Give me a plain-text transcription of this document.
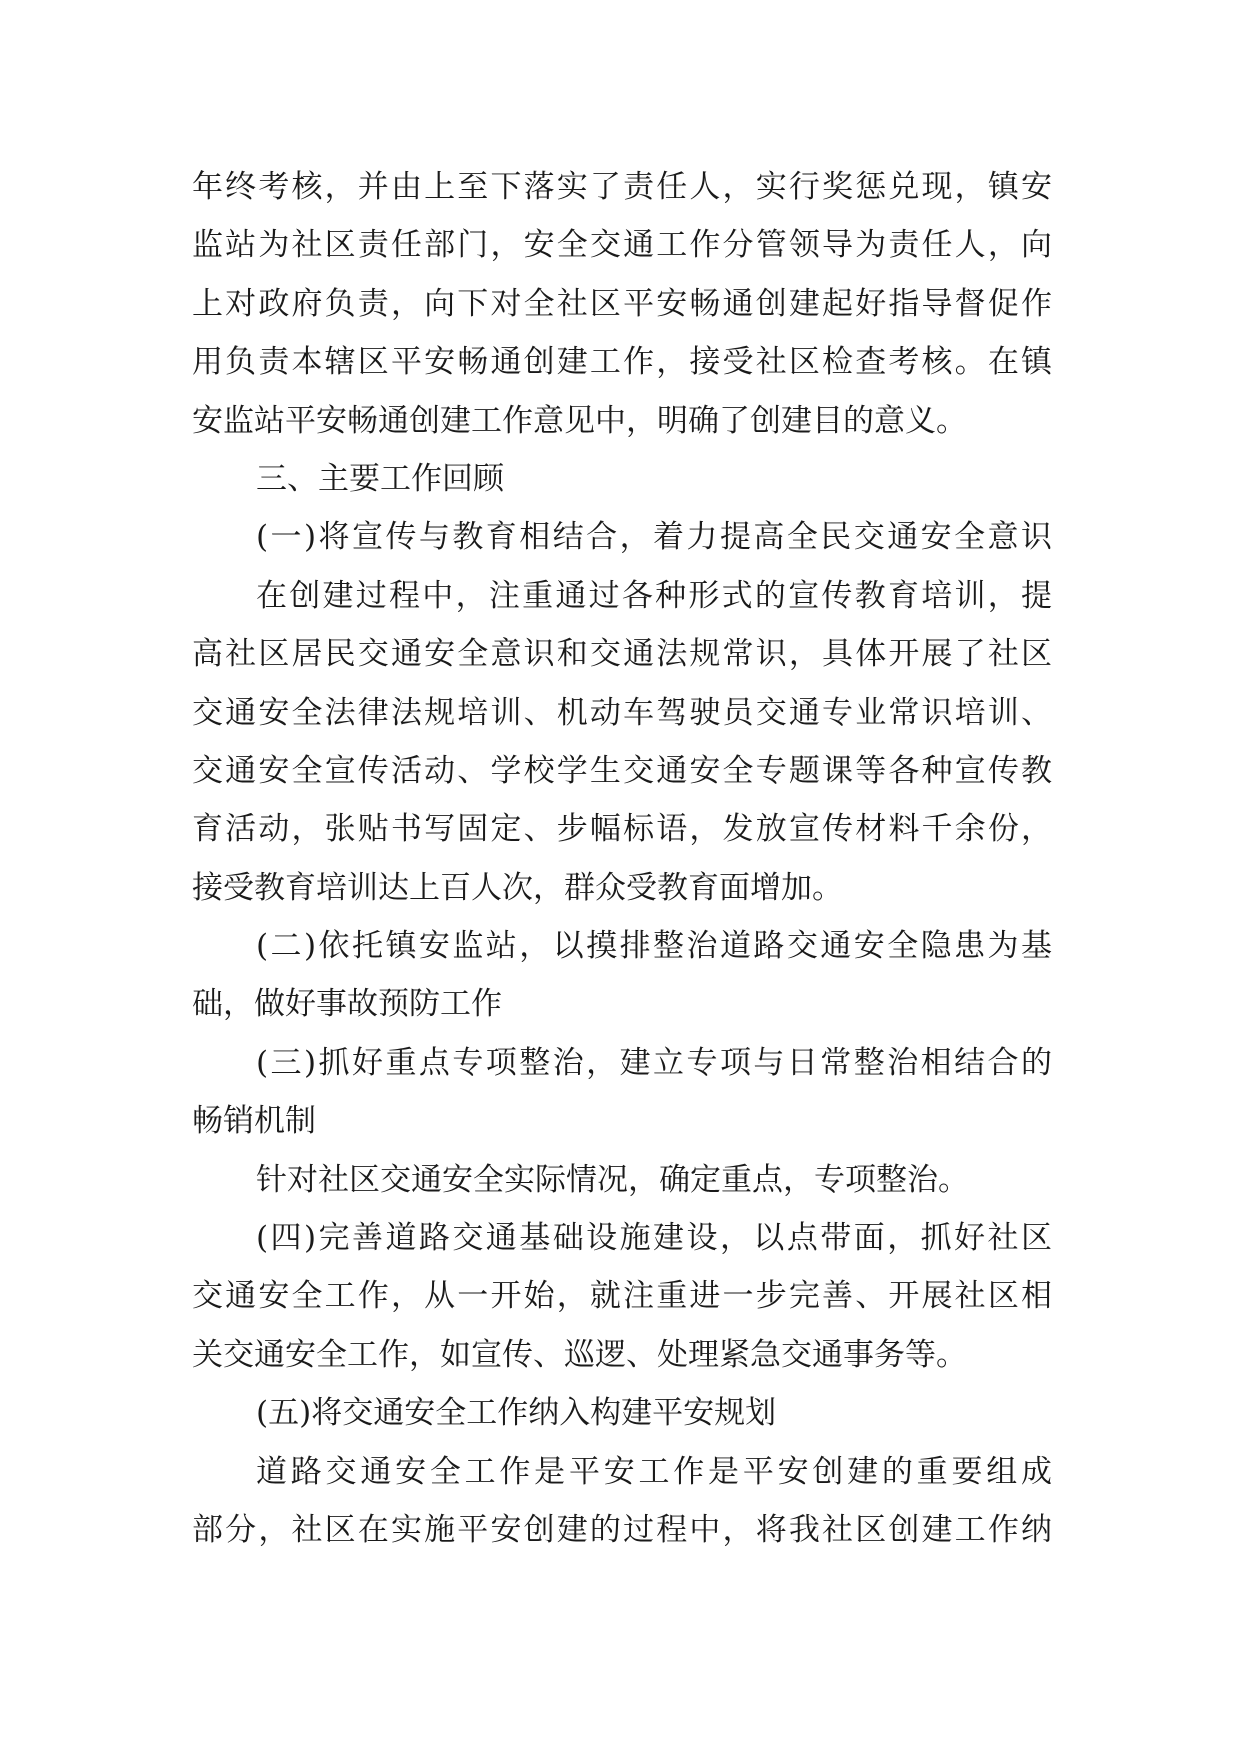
年终考核，并由上至下落实了责任人，实行奖惩兑现，镇安
监站为社区责任部门，安全交通工作分管领导为责任人，向
上对政府负责，向下对全社区平安畅通创建起好指导督促作
用负责本辖区平安畅通创建工作，接受社区检查考核。在镇
安监站平安畅通创建工作意见中，明确了创建目的意义。
三、主要工作回顾
(一)将宣传与教育相结合，着力提高全民交通安全意识
在创建过程中，注重通过各种形式的宣传教育培训，提
高社区居民交通安全意识和交通法规常识，具体开展了社区
交通安全法律法规培训、机动车驾驶员交通专业常识培训、
交通安全宣传活动、学校学生交通安全专题课等各种宣传教
育活动，张贴书写固定、步幅标语，发放宣传材料千余份，
接受教育培训达上百人次，群众受教育面增加。
(二)依托镇安监站，以摸排整治道路交通安全隐患为基
础，做好事故预防工作
(三)抓好重点专项整治，建立专项与日常整治相结合的
畅销机制
针对社区交通安全实际情况，确定重点，专项整治。
(四)完善道路交通基础设施建设，以点带面，抓好社区
交通安全工作，从一开始，就注重进一步完善、开展社区相
关交通安全工作，如宣传、巡逻、处理紧急交通事务等。
(五)将交通安全工作纳入构建平安规划
道路交通安全工作是平安工作是平安创建的重要组成
部分，社区在实施平安创建的过程中，将我社区创建工作纳
